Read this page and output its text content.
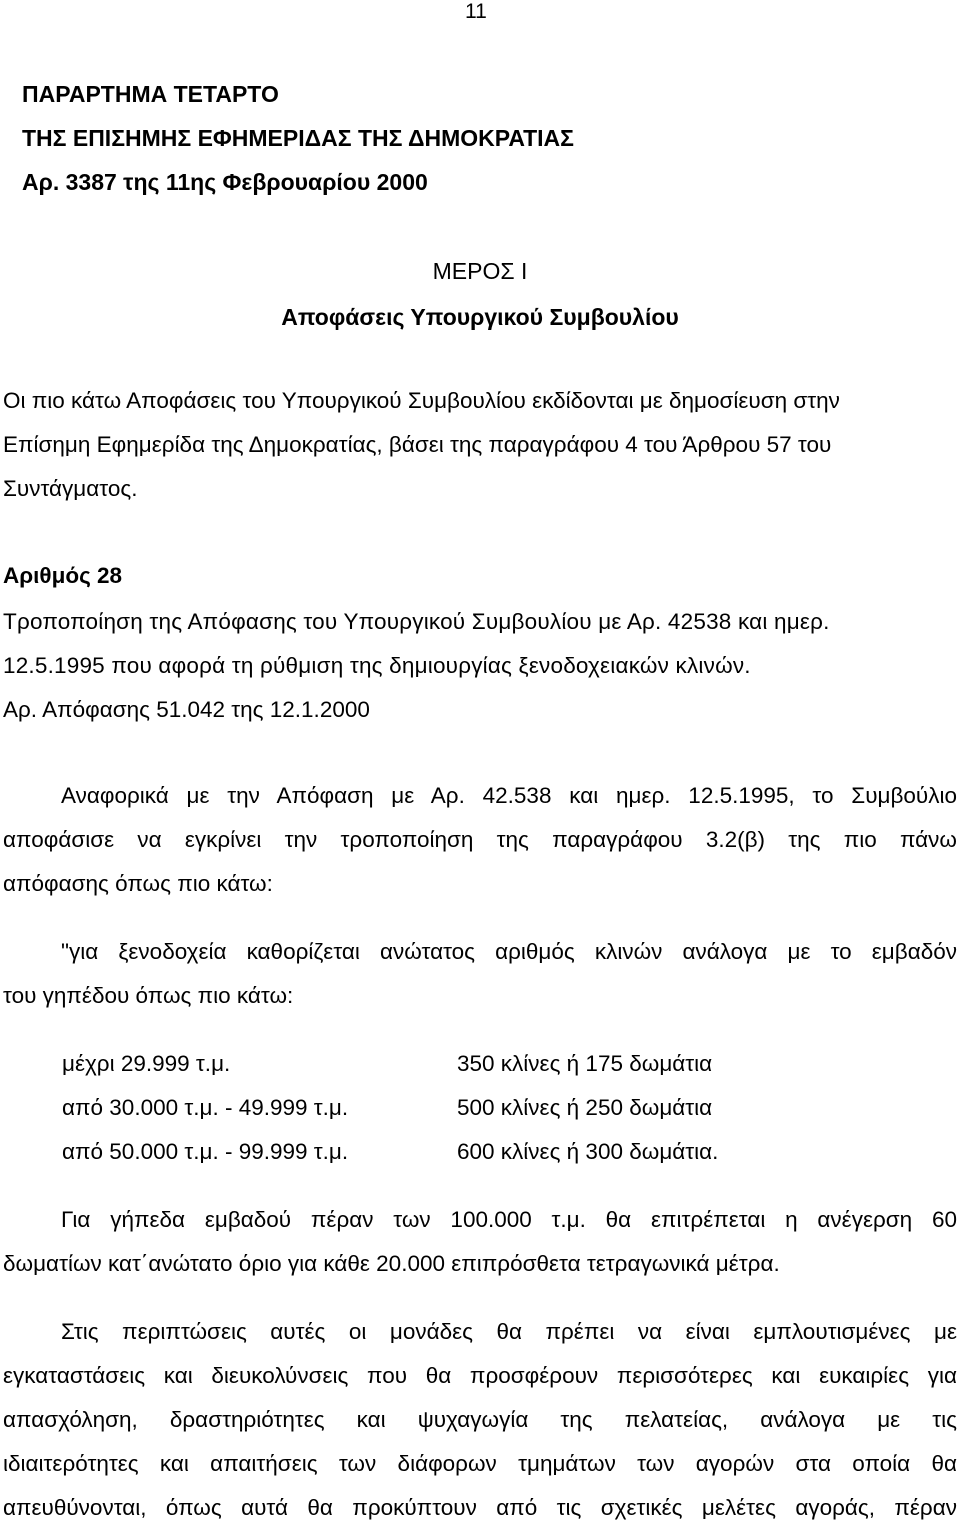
11
ΠΑΡΑΡΤΗΜΑ ΤΕΤΑΡΤΟ
ΤΗΣ ΕΠΙΣΗΜΗΣ ΕΦΗΜΕΡΙΔΑΣ ΤΗΣ ΔΗΜΟΚΡΑΤΙΑΣ
Αρ. 3387 της 11ης Φεβρουαρίου 2000
ΜΕΡΟΣ Ι
Αποφάσεις Υπουργικού Συμβουλίου
Οι πιο κάτω Αποφάσεις του Υπουργικού Συμβουλίου εκδίδονται με δημοσίευση στην
Επίσημη Εφημερίδα της Δημοκρατίας, βάσει της παραγράφου 4 του Άρθρου 57 του
Συντάγματος.
Αριθμός 28
Τροποποίηση της Απόφασης του Υπουργικού Συμβουλίου με Αρ. 42538 και ημερ.
12.5.1995 που αφορά τη ρύθμιση της δημιουργίας ξενοδοχειακών κλινών.
Αρ. Απόφασης 51.042 της 12.1.2000
Αναφορικά με την Απόφαση με Αρ. 42.538 και ημερ. 12.5.1995, το Συμβούλιο
αποφάσισε να εγκρίνει την τροποποίηση της παραγράφου 3.2(β) της πιο πάνω
απόφασης όπως πιο κάτω:
"για ξενοδοχεία καθορίζεται ανώτατος αριθμός κλινών ανάλογα με το εμβαδόν
του γηπέδου όπως πιο κάτω:
μέχρι 29.999 τ.μ.	350 κλίνες ή 175 δωμάτια
από 30.000 τ.μ. - 49.999 τ.μ.	500 κλίνες ή 250 δωμάτια
από 50.000 τ.μ. - 99.999 τ.μ.	600 κλίνες ή 300 δωμάτια.
Για γήπεδα εμβαδού πέραν των 100.000 τ.μ. θα επιτρέπεται η ανέγερση 60
δωματίων κατ΄ανώτατο όριο για κάθε 20.000 επιπρόσθετα τετραγωνικά μέτρα.
Στις περιπτώσεις αυτές οι μονάδες θα πρέπει να είναι εμπλουτισμένες με
εγκαταστάσεις και διευκολύνσεις που θα προσφέρουν περισσότερες και ευκαιρίες για
απασχόληση, δραστηριότητες και ψυχαγωγία της πελατείας, ανάλογα με τις
ιδιαιτερότητες και απαιτήσεις των διάφορων τμημάτων των αγορών στα οποία θα
απευθύνονται, όπως αυτά θα προκύπτουν από τις σχετικές μελέτες αγοράς, πέραν
